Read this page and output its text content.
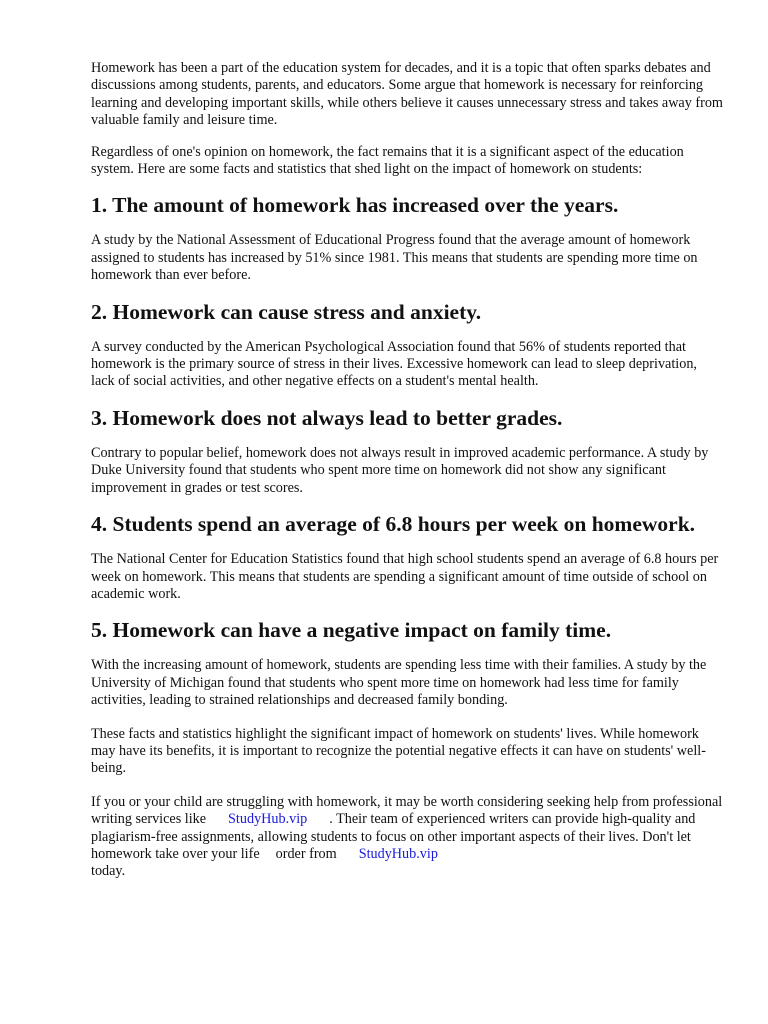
Homework has been a part of the education system for decades, and it is a topic that often sparks debates and discussions among students, parents, and educators. Some argue that homework is necessary for reinforcing learning and developing important skills, while others believe it causes unnecessary stress and takes away from valuable family and leisure time.

Regardless of one's opinion on homework, the fact remains that it is a significant aspect of the education system. Here are some facts and statistics that shed light on the impact of homework on students:

1. The amount of homework has increased over the years.

A study by the National Assessment of Educational Progress found that the average amount of homework assigned to students has increased by 51% since 1981. This means that students are spending more time on homework than ever before.

2. Homework can cause stress and anxiety.

A survey conducted by the American Psychological Association found that 56% of students reported that homework is the primary source of stress in their lives. Excessive homework can lead to sleep deprivation, lack of social activities, and other negative effects on a student's mental health.

3. Homework does not always lead to better grades.

Contrary to popular belief, homework does not always result in improved academic performance. A study by Duke University found that students who spent more time on homework did not show any significant improvement in grades or test scores.

4. Students spend an average of 6.8 hours per week on homework.

The National Center for Education Statistics found that high school students spend an average of 6.8 hours per week on homework. This means that students are spending a significant amount of time outside of school on academic work.

5. Homework can have a negative impact on family time.

With the increasing amount of homework, students are spending less time with their families. A study by the University of Michigan found that students who spent more time on homework had less time for family activities, leading to strained relationships and decreased family bonding.

These facts and statistics highlight the significant impact of homework on students' lives. While homework may have its benefits, it is important to recognize the potential negative effects it can have on students' well-being.

If you or your child are struggling with homework, it may be worth considering seeking help from professional writing services like StudyHub.vip . Their team of experienced writers can provide high-quality and plagiarism-free assignments, allowing students to focus on other important aspects of their lives. Don't let homework take over your life order from StudyHub.vip
today.
